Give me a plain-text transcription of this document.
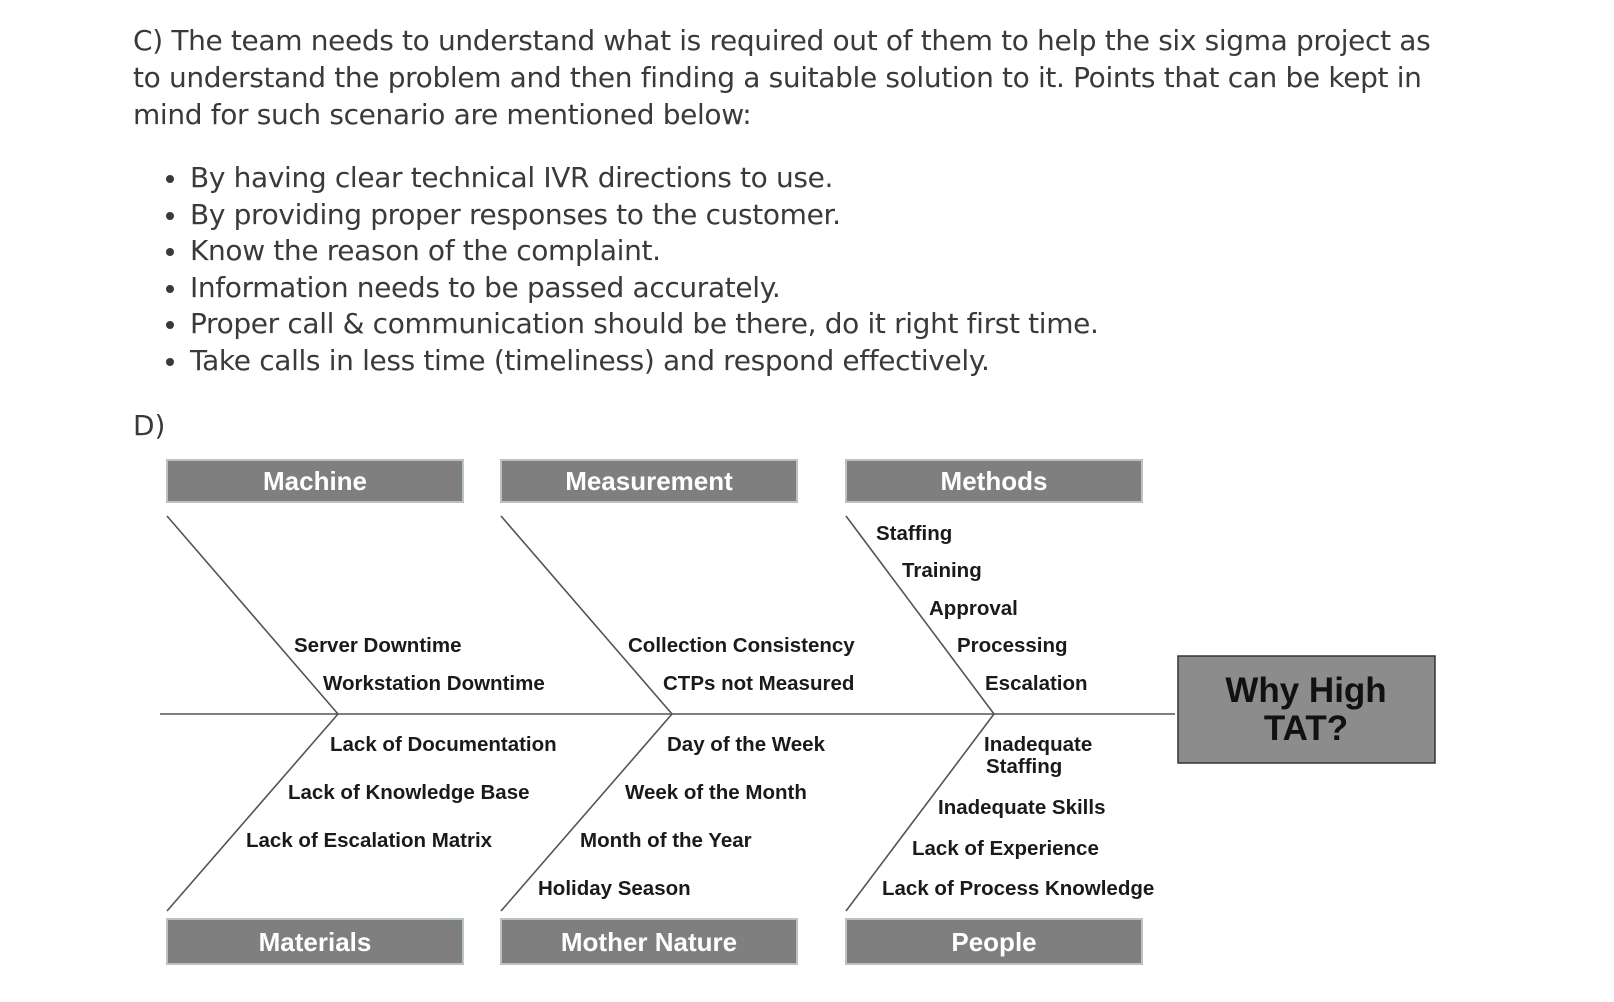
C) The team needs to understand what is required out of them to help the six sigma project as to understand the problem and then finding a suitable solution to it. Points that can be kept in mind for such scenario are mentioned below:

By having clear technical IVR directions to use.
By providing proper responses to the customer.
Know the reason of the complaint.
Information needs to be passed accurately.
Proper call & communication should be there, do it right first time.
Take calls in less time (timeliness) and respond effectively.
D)
Machine	Measurement	Methods
Materials	Mother Nature	People
Why High
TAT?
Server Downtime
Workstation Downtime
Collection Consistency
CTPs not Measured
Staffing
Training
Approval
Processing
Escalation
Lack of Documentation
Lack of Knowledge Base
Lack of Escalation Matrix
Day of the Week
Week of the Month
Month of the Year
Holiday Season
Inadequate
Staffing
Inadequate Skills
Lack of Experience
Lack of Process Knowledge
